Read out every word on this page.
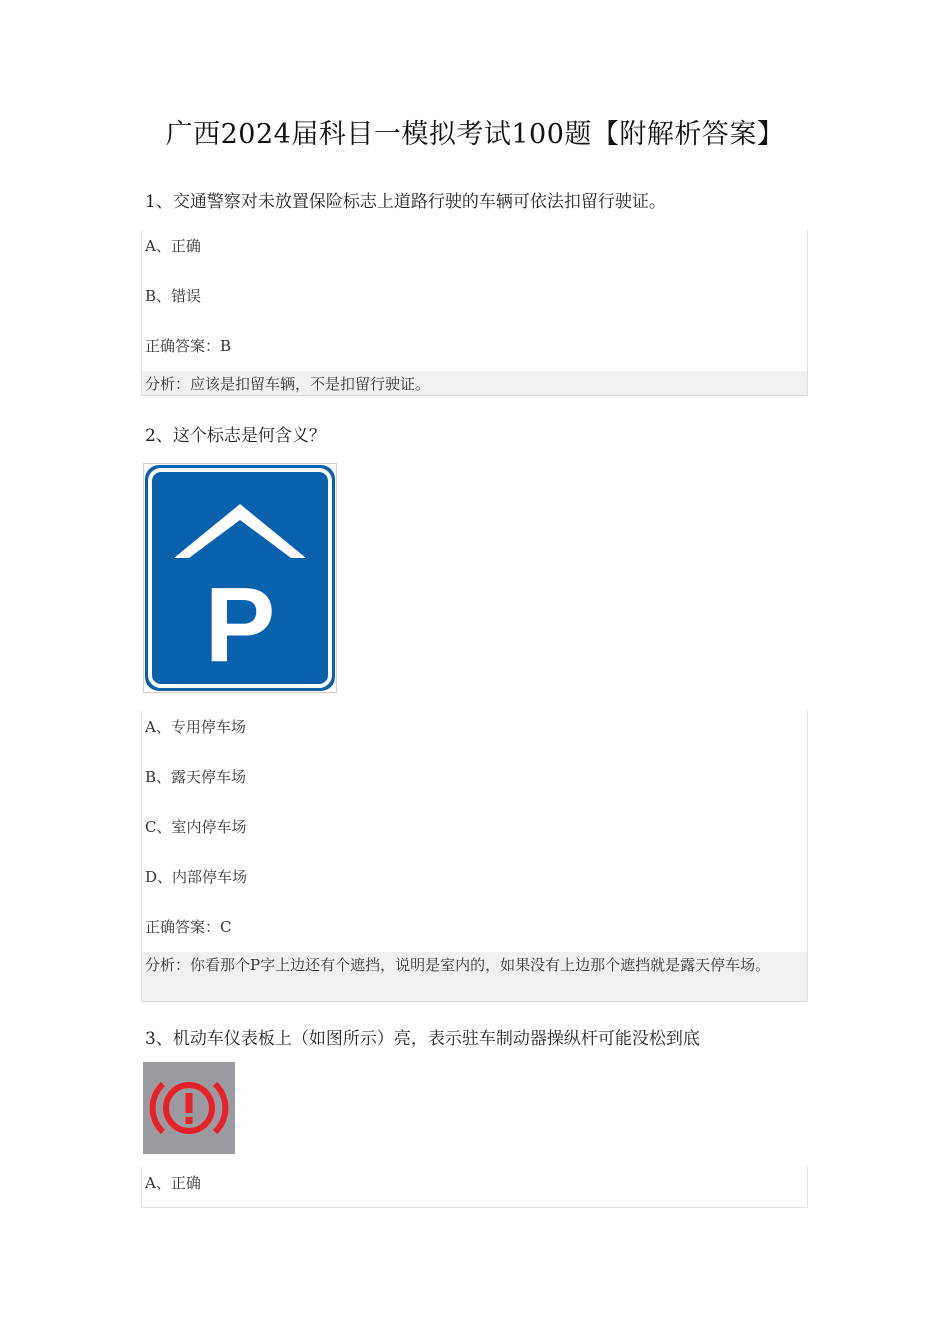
广西2024届科目一模拟考试100题【附解析答案】
1、交通警察对未放置保险标志上道路行驶的车辆可依法扣留行驶证。
A、正确
B、错误
正确答案：B
分析：应该是扣留车辆，不是扣留行驶证。
2、这个标志是何含义？
P
A、专用停车场
B、露天停车场
C、室内停车场
D、内部停车场
正确答案：C
分析：你看那个P字上边还有个遮挡，说明是室内的，如果没有上边那个遮挡就是露天停车场。
3、机动车仪表板上（如图所示）亮，表示驻车制动器操纵杆可能没松到底
A、正确
